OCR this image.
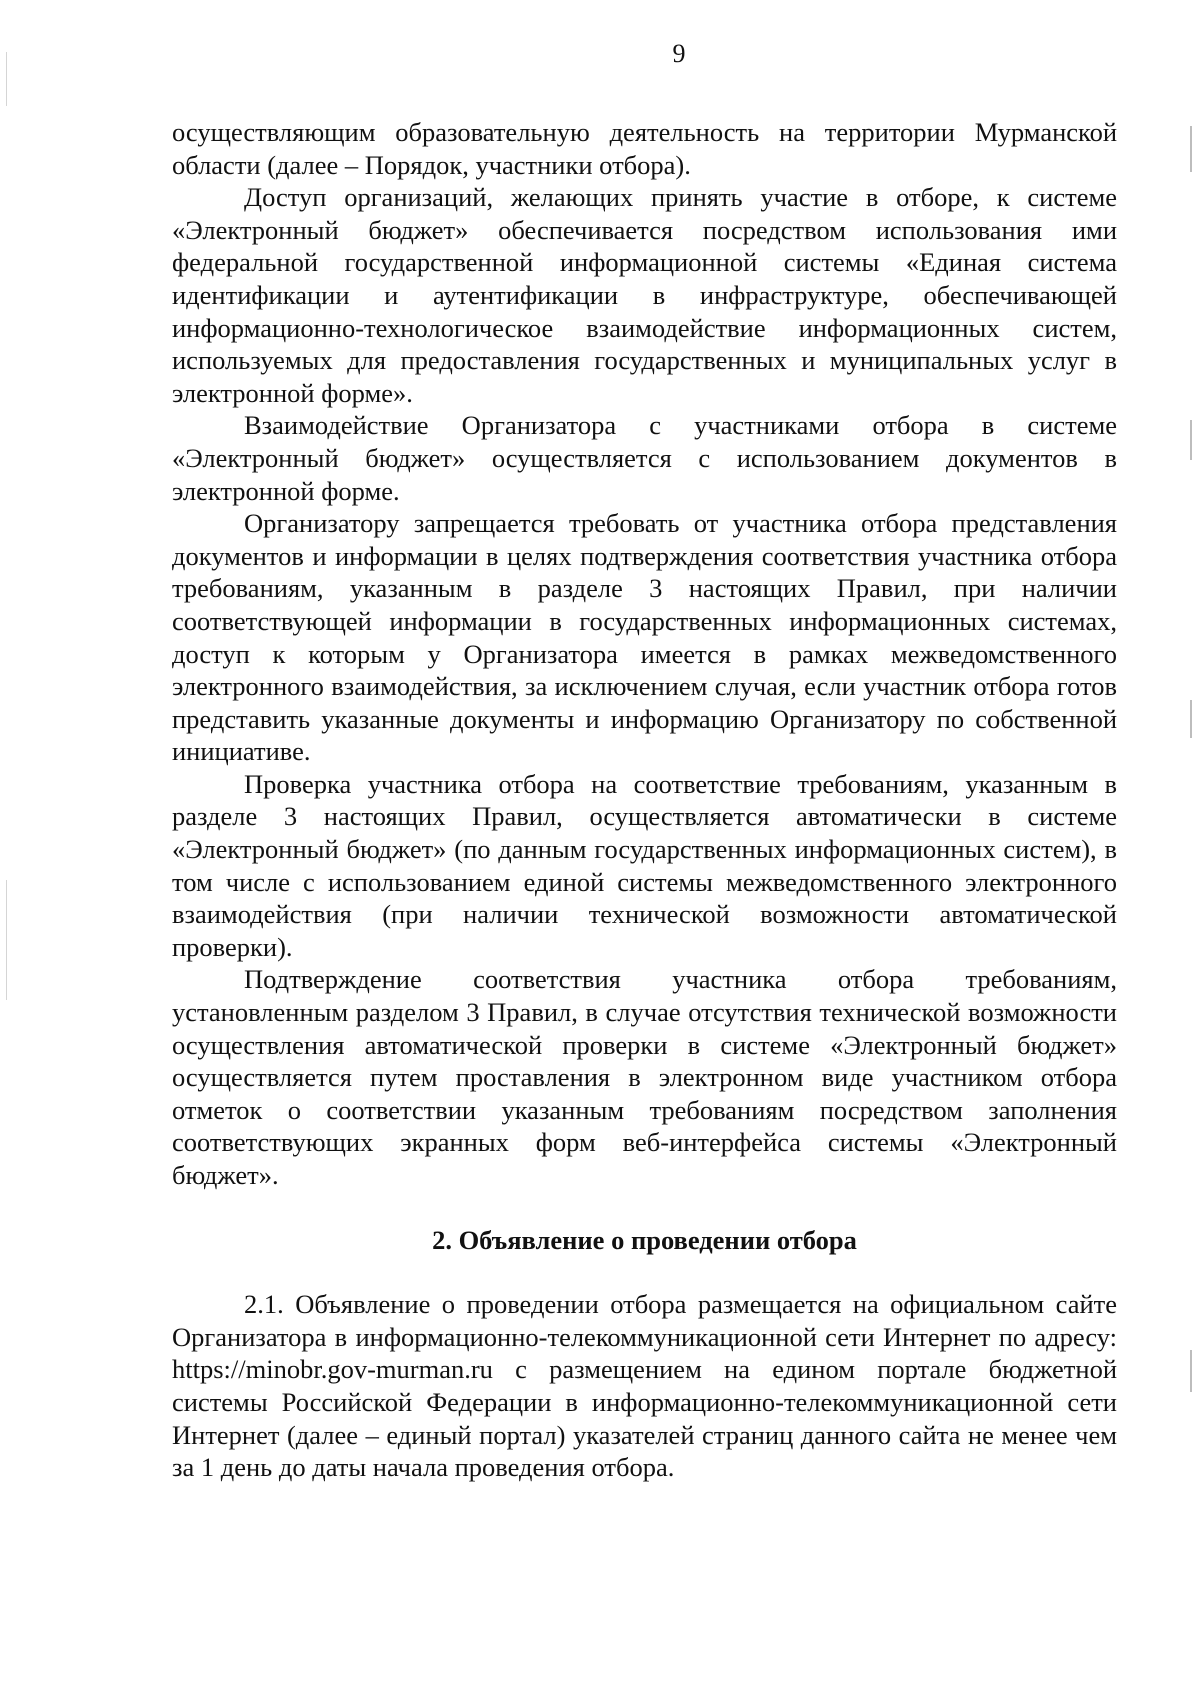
9

осуществляющим образовательную деятельность на территории Мурманской области (далее – Порядок, участники отбора).

Доступ организаций, желающих принять участие в отборе, к системе «Электронный бюджет» обеспечивается посредством использования ими федеральной государственной информационной системы «Единая система идентификации и аутентификации в инфраструктуре, обеспечивающей информационно-технологическое взаимодействие информационных систем, используемых для предоставления государственных и муниципальных услуг в электронной форме».

Взаимодействие Организатора с участниками отбора в системе «Электронный бюджет» осуществляется с использованием документов в электронной форме.

Организатору запрещается требовать от участника отбора представления документов и информации в целях подтверждения соответствия участника отбора требованиям, указанным в разделе 3 настоящих Правил, при наличии соответствующей информации в государственных информационных системах, доступ к которым у Организатора имеется в рамках межведомственного электронного взаимодействия, за исключением случая, если участник отбора готов представить указанные документы и информацию Организатору по собственной инициативе.

Проверка участника отбора на соответствие требованиям, указанным в разделе 3 настоящих Правил, осуществляется автоматически в системе «Электронный бюджет» (по данным государственных информационных систем), в том числе с использованием единой системы межведомственного электронного взаимодействия (при наличии технической возможности автоматической проверки).

Подтверждение соответствия участника отбора требованиям, установленным разделом 3 Правил, в случае отсутствия технической возможности осуществления автоматической проверки в системе «Электронный бюджет» осуществляется путем проставления в электронном виде участником отбора отметок о соответствии указанным требованиям посредством заполнения соответствующих экранных форм веб-интерфейса системы «Электронный бюджет».

2. Объявление о проведении отбора

2.1. Объявление о проведении отбора размещается на официальном сайте Организатора в информационно-телекоммуникационной сети Интернет по адресу: https://minobr.gov-murman.ru с размещением на едином портале бюджетной системы Российской Федерации в информационно-телекоммуникационной сети Интернет (далее – единый портал) указателей страниц данного сайта не менее чем за 1 день до даты начала проведения отбора.
